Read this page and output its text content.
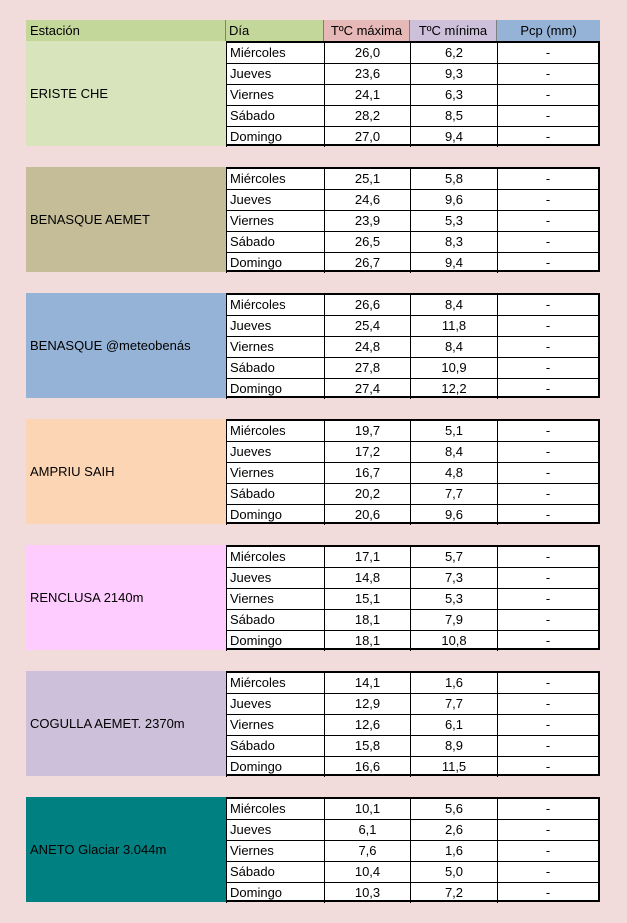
Estación	Día	TºC máxima	TºC mínima	Pcp (mm)
ERISTE CHE
Miércoles	26,0	6,2	-
Jueves	23,6	9,3	-
Viernes	24,1	6,3	-
Sábado	28,2	8,5	-
Domingo	27,0	9,4	-
BENASQUE AEMET
Miércoles	25,1	5,8	-
Jueves	24,6	9,6	-
Viernes	23,9	5,3	-
Sábado	26,5	8,3	-
Domingo	26,7	9,4	-
BENASQUE @meteobenás
Miércoles	26,6	8,4	-
Jueves	25,4	11,8	-
Viernes	24,8	8,4	-
Sábado	27,8	10,9	-
Domingo	27,4	12,2	-
AMPRIU SAIH
Miércoles	19,7	5,1	-
Jueves	17,2	8,4	-
Viernes	16,7	4,8	-
Sábado	20,2	7,7	-
Domingo	20,6	9,6	-
RENCLUSA 2140m
Miércoles	17,1	5,7	-
Jueves	14,8	7,3	-
Viernes	15,1	5,3	-
Sábado	18,1	7,9	-
Domingo	18,1	10,8	-
COGULLA AEMET. 2370m
Miércoles	14,1	1,6	-
Jueves	12,9	7,7	-
Viernes	12,6	6,1	-
Sábado	15,8	8,9	-
Domingo	16,6	11,5	-
ANETO Glaciar 3.044m
Miércoles	10,1	5,6	-
Jueves	6,1	2,6	-
Viernes	7,6	1,6	-
Sábado	10,4	5,0	-
Domingo	10,3	7,2	-
